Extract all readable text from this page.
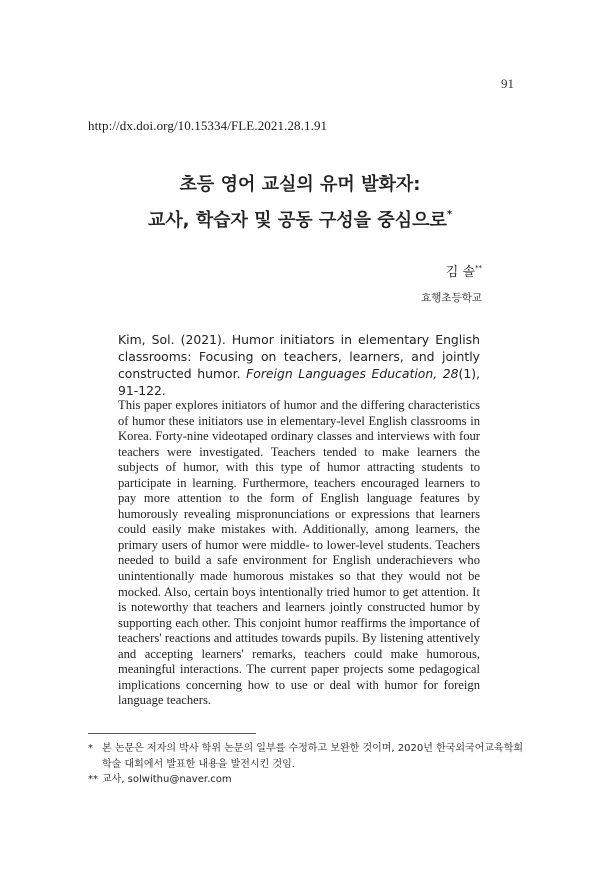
91
http://dx.doi.org/10.15334/FLE.2021.28.1.91
초등 영어 교실의 유머 발화자:
교사, 학습자 및 공동 구성을 중심으로*
김 솔**
효행초등학교
Kim, Sol. (2021). Humor initiators in elementary English classrooms: Focusing on teachers, learners, and jointly constructed humor. Foreign Languages Education, 28(1), 91-122.
This paper explores initiators of humor and the differing characteristics of humor these initiators use in elementary-level English classrooms in Korea. Forty-nine videotaped ordinary classes and interviews with four teachers were investigated. Teachers tended to make learners the subjects of humor, with this type of humor attracting students to participate in learning. Furthermore, teachers encouraged learners to pay more attention to the form of English language features by humorously revealing mispronunciations or expressions that learners could easily make mistakes with. Additionally, among learners, the primary users of humor were middle- to lower-level students. Teachers needed to build a safe environment for English underachievers who unintentionally made humorous mistakes so that they would not be mocked. Also, certain boys intentionally tried humor to get attention. It is noteworthy that teachers and learners jointly constructed humor by supporting each other. This conjoint humor reaffirms the importance of teachers' reactions and attitudes towards pupils. By listening attentively and accepting learners' remarks, teachers could make humorous, meaningful interactions. The current paper projects some pedagogical implications concerning how to use or deal with humor for foreign language teachers.
* 본 논문은 저자의 박사 학위 논문의 일부를 수정하고 보완한 것이며, 2020년 한국외국어교육학회 학술 대회에서 발표한 내용을 발전시킨 것임.
** 교사, solwithu@naver.com
